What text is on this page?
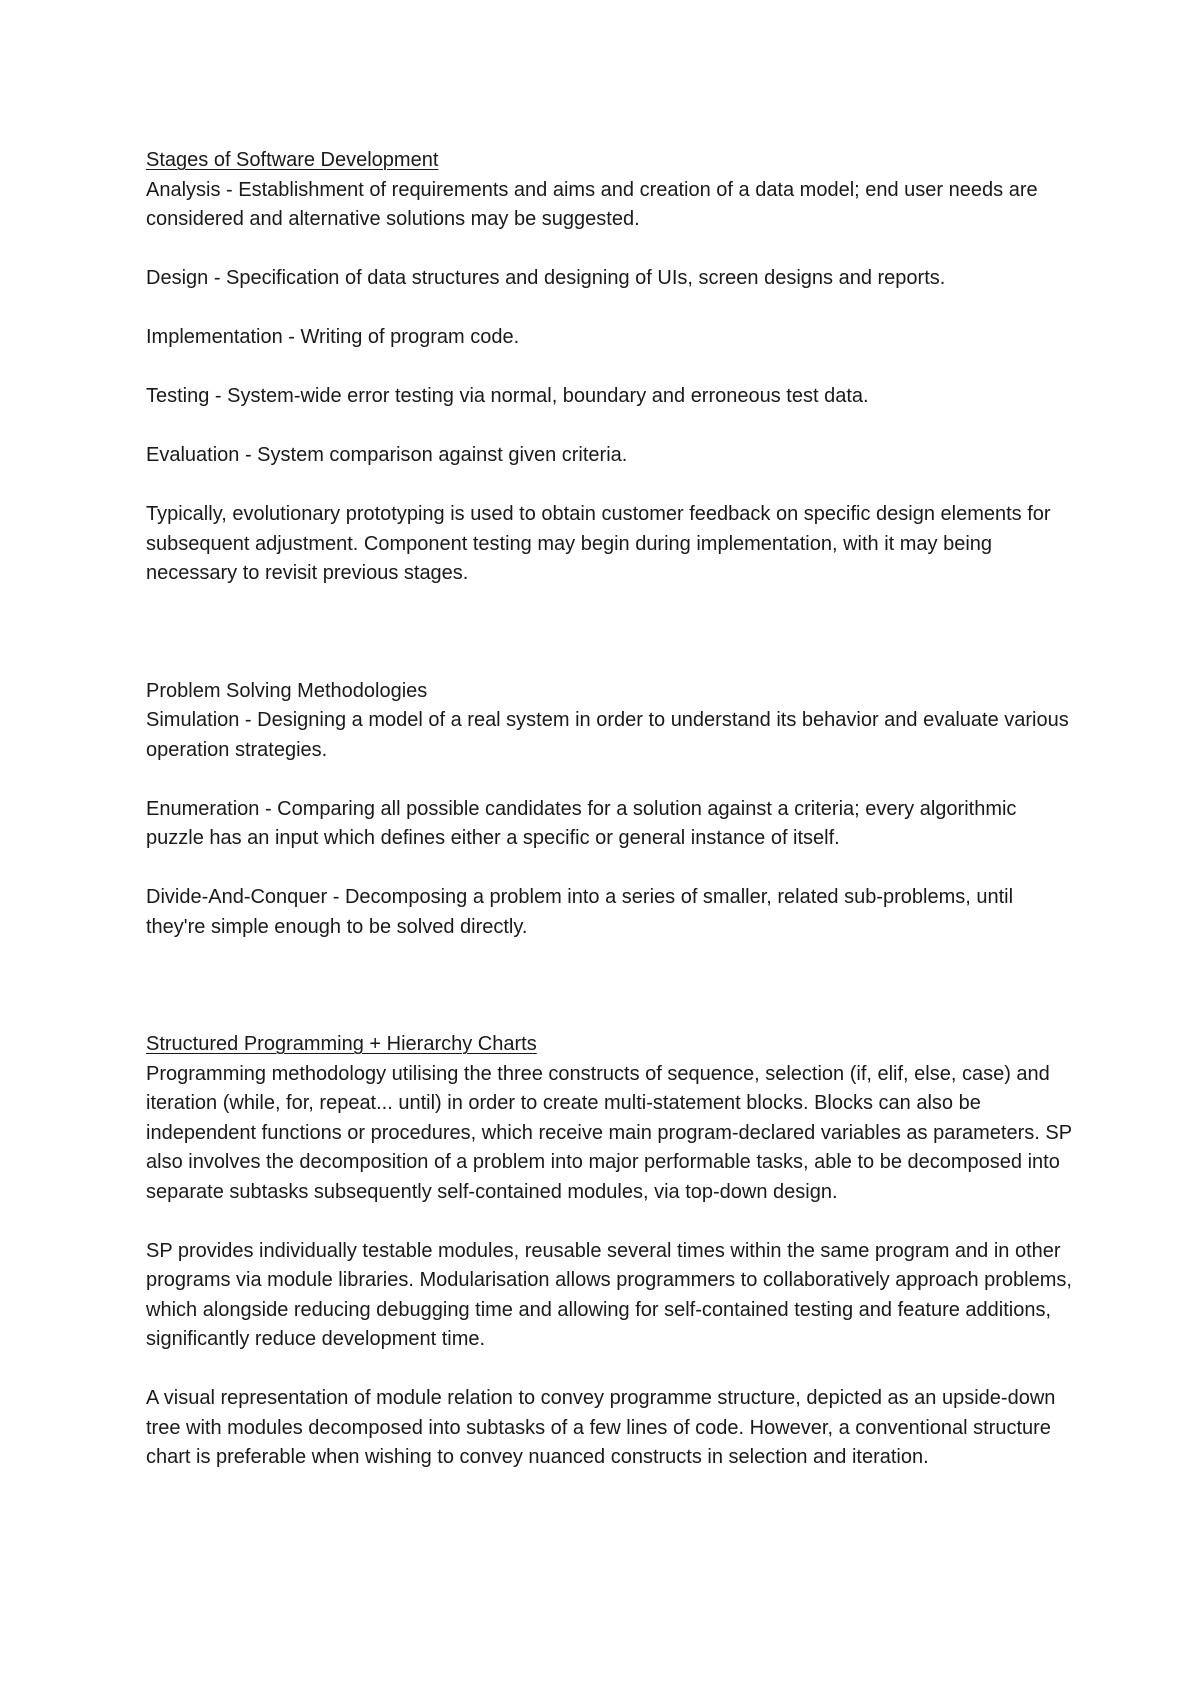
Stages of Software Development

Analysis - Establishment of requirements and aims and creation of a data model; end user needs are considered and alternative solutions may be suggested.

Design - Specification of data structures and designing of UIs, screen designs and reports.

Implementation - Writing of program code.

Testing - System-wide error testing via normal, boundary and erroneous test data.

Evaluation - System comparison against given criteria.

Typically, evolutionary prototyping is used to obtain customer feedback on specific design elements for subsequent adjustment. Component testing may begin during implementation, with it may being necessary to revisit previous stages.

Problem Solving Methodologies

Simulation - Designing a model of a real system in order to understand its behavior and evaluate various operation strategies.

Enumeration - Comparing all possible candidates for a solution against a criteria; every algorithmic puzzle has an input which defines either a specific or general instance of itself.

Divide-And-Conquer - Decomposing a problem into a series of smaller, related sub-problems, until they're simple enough to be solved directly.

Structured Programming + Hierarchy Charts

Programming methodology utilising the three constructs of sequence, selection (if, elif, else, case) and iteration (while, for, repeat... until) in order to create multi-statement blocks. Blocks can also be independent functions or procedures, which receive main program-declared variables as parameters. SP also involves the decomposition of a problem into major performable tasks, able to be decomposed into separate subtasks subsequently self-contained modules, via top-down design.

SP provides individually testable modules, reusable several times within the same program and in other programs via module libraries. Modularisation allows programmers to collaboratively approach problems, which alongside reducing debugging time and allowing for self-contained testing and feature additions, significantly reduce development time.

A visual representation of module relation to convey programme structure, depicted as an upside-down tree with modules decomposed into subtasks of a few lines of code. However, a conventional structure chart is preferable when wishing to convey nuanced constructs in selection and iteration.
